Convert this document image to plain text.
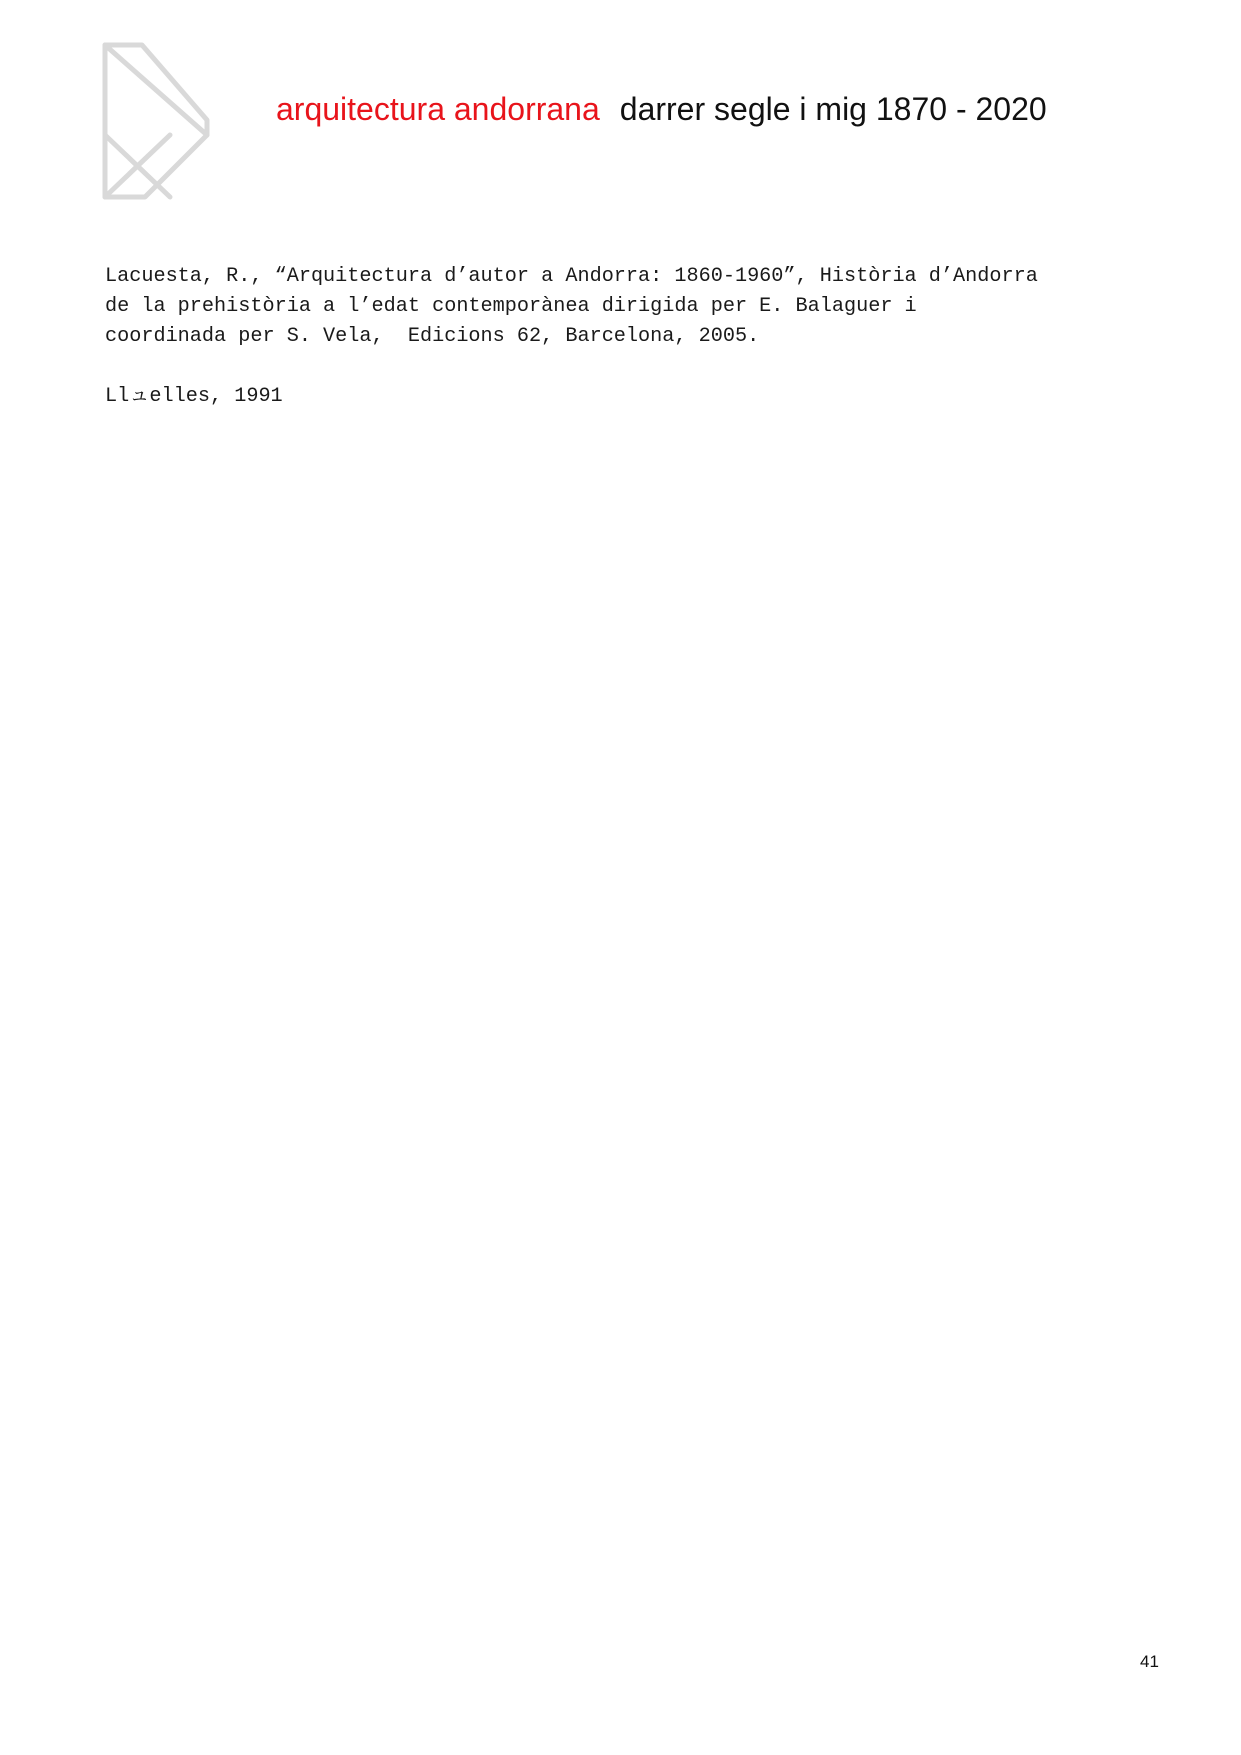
arquitectura andorrana darrer segle i mig 1870 - 2020
Lacuesta, R., “Arquitectura d’autor a Andorra: 1860-1960”, Història d’Andorra
de la prehistòria a l’edat contemporànea dirigida per E. Balaguer i
coordinada per S. Vela,  Edicions 62, Barcelona, 2005.
Llュelles, 1991
41
